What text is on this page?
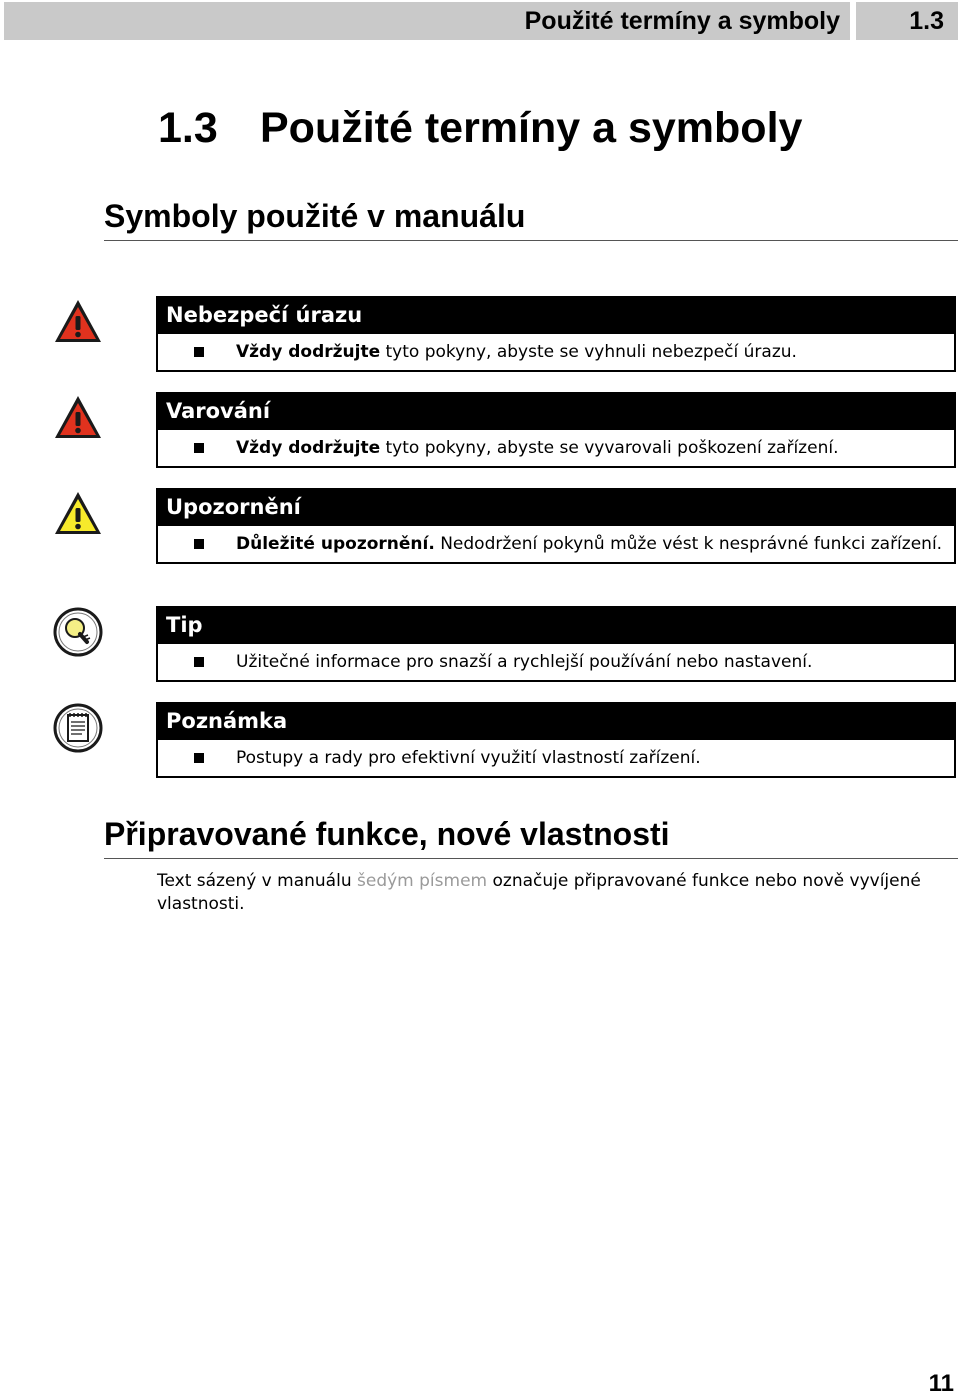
Použité termíny a symboly	1.3
1.3 Použité termíny a symboly
Symboly použité v manuálu
Nebezpečí úrazu
Vždy dodržujte tyto pokyny, abyste se vyhnuli nebezpečí úrazu.
Varování
Vždy dodržujte tyto pokyny, abyste se vyvarovali poškození zařízení.
Upozornění
Důležité upozornění. Nedodržení pokynů může vést k nesprávné funkci zařízení.
Tip
Užitečné informace pro snazší a rychlejší používání nebo nastavení.
Poznámka
Postupy a rady pro efektivní využití vlastností zařízení.
Připravované funkce, nové vlastnosti

Text sázený v manuálu šedým písmem označuje připravované funkce nebo nově vyvíjené vlastnosti.

11
